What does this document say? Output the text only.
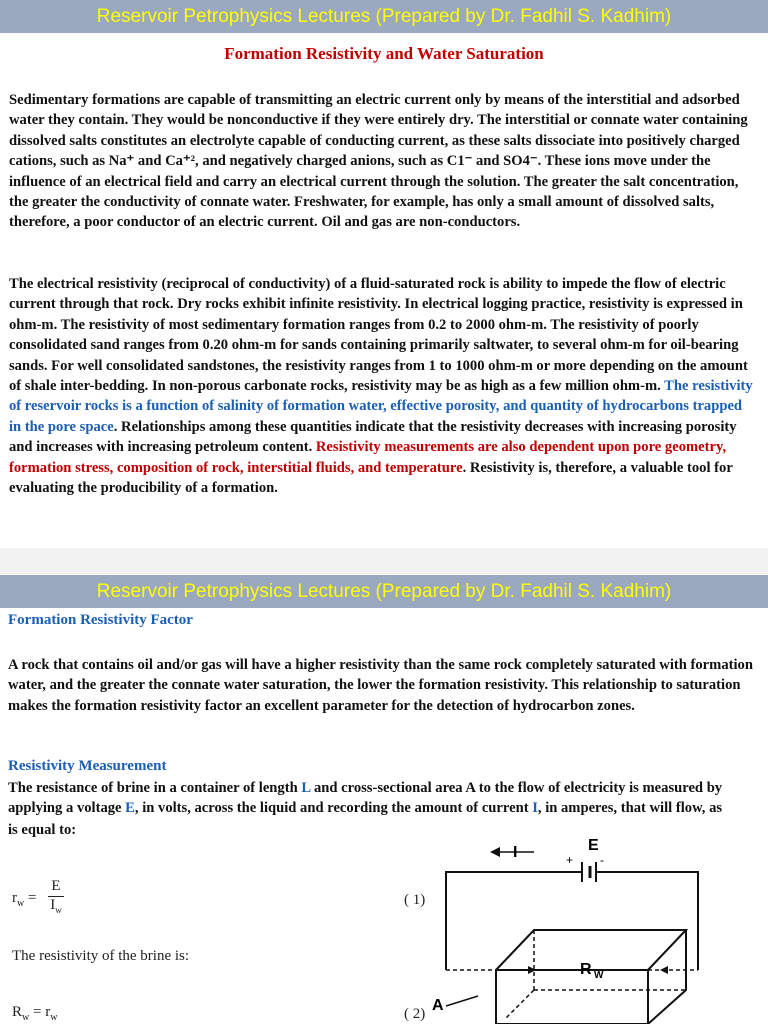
Reservoir Petrophysics Lectures (Prepared by Dr. Fadhil S. Kadhim)
Formation Resistivity and Water Saturation

Sedimentary formations are capable of transmitting an electric current only by means of the interstitial and adsorbed water they contain. They would be nonconductive if they were entirely dry. The interstitial or connate water containing dissolved salts constitutes an electrolyte capable of conducting current, as these salts dissociate into positively charged cations, such as Na⁺ and Ca⁺², and negatively charged anions, such as C1⁻ and SO4⁻. These ions move under the influence of an electrical field and carry an electrical current through the solution. The greater the salt concentration, the greater the conductivity of connate water. Freshwater, for example, has only a small amount of dissolved salts, therefore, a poor conductor of an electric current. Oil and gas are non-conductors.

The electrical resistivity (reciprocal of conductivity) of a fluid-saturated rock is ability to impede the flow of electric current through that rock. Dry rocks exhibit infinite resistivity. In electrical logging practice, resistivity is expressed in ohm-m. The resistivity of most sedimentary formation ranges from 0.2 to 2000 ohm-m. The resistivity of poorly consolidated sand ranges from 0.20 ohm-m for sands containing primarily saltwater, to several ohm-m for oil-bearing sands. For well consolidated sandstones, the resistivity ranges from 1 to 1000 ohm-m or more depending on the amount of shale inter-bedding. In non-porous carbonate rocks, resistivity may be as high as a few million ohm-m. The resistivity of reservoir rocks is a function of salinity of formation water, effective porosity, and quantity of hydrocarbons trapped in the pore space. Relationships among these quantities indicate that the resistivity decreases with increasing porosity and increases with increasing petroleum content. Resistivity measurements are also dependent upon pore geometry, formation stress, composition of rock, interstitial fluids, and temperature. Resistivity is, therefore, a valuable tool for evaluating the producibility of a formation.

Reservoir Petrophysics Lectures (Prepared by Dr. Fadhil S. Kadhim)
Formation Resistivity Factor

A rock that contains oil and/or gas will have a higher resistivity than the same rock completely saturated with formation water, and the greater the connate water saturation, the lower the formation resistivity. This relationship to saturation makes the formation resistivity factor an excellent parameter for the detection of hydrocarbon zones.

Resistivity Measurement

The resistance of brine in a container of length L and cross-sectional area A to the flow of electricity is measured by applying a voltage E, in volts, across the liquid and recording the amount of current I, in amperes, that will flow, as

is equal to:

$r_w$ =
E
$I_w$
( 1)
The resistivity of the brine is:
$R_w = r_w$	( 2)
I	E
+ -
R W
A
